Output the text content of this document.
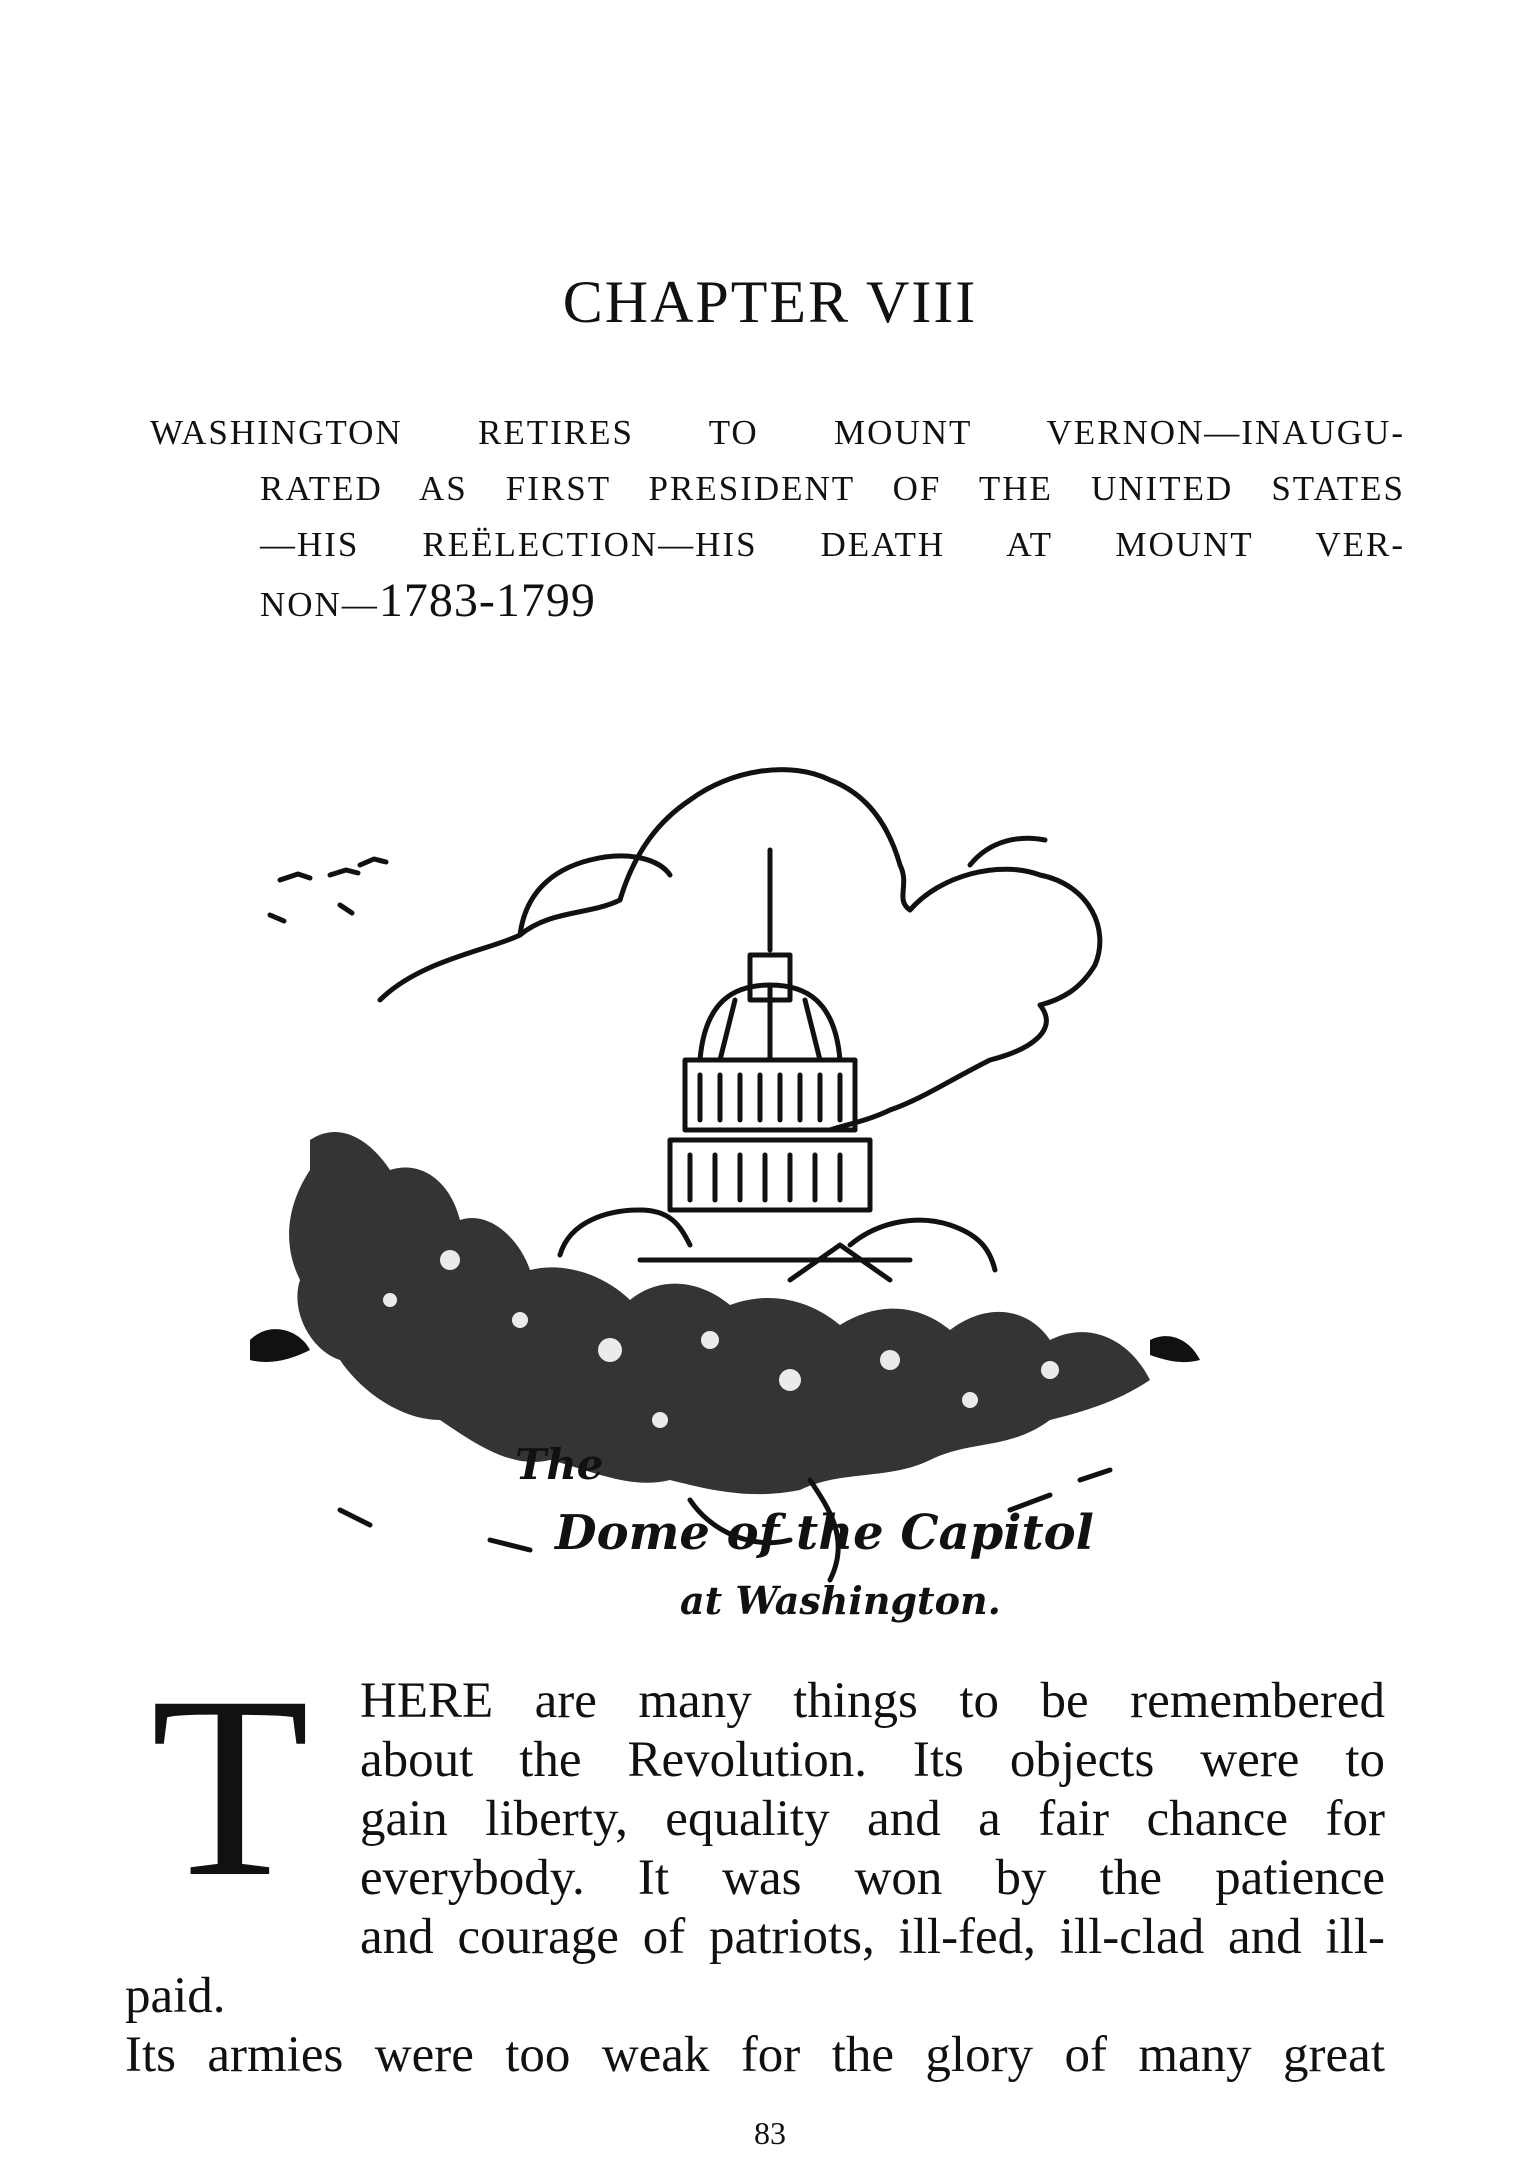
CHAPTER VIII
WASHINGTON RETIRES TO MOUNT VERNON—INAUGU-
RATED AS FIRST PRESIDENT OF THE UNITED STATES
—HIS REËLECTION—HIS DEATH AT MOUNT VER-
NON—1783-1799
The
Dome of the Capitol
at Washington.
T HERE are many things to be remembered
about the Revolution. Its objects were to
gain liberty, equality and a fair chance for
everybody. It was won by the patience
and courage of patriots, ill-fed, ill-clad and ill-paid.
Its armies were too weak for the glory of many great
83
